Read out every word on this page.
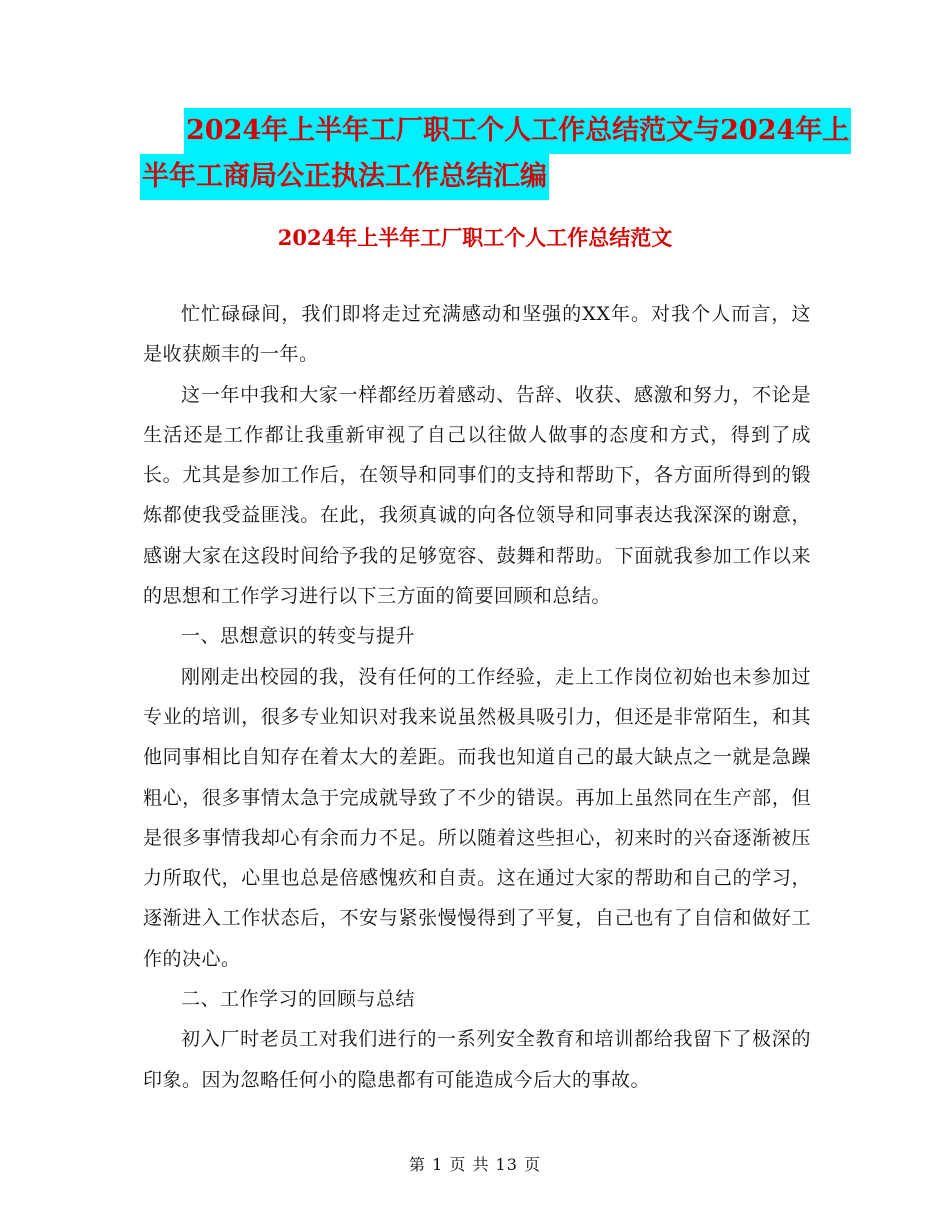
2024年上半年工厂职工个人工作总结范文与2024年上
半年工商局公正执法工作总结汇编
2024年上半年工厂职工个人工作总结范文

忙忙碌碌间，我们即将走过充满感动和坚强的XX年。对我个人而言，这是收获颇丰的一年。

这一年中我和大家一样都经历着感动、告辞、收获、感激和努力，不论是生活还是工作都让我重新审视了自己以往做人做事的态度和方式，得到了成长。尤其是参加工作后，在领导和同事们的支持和帮助下，各方面所得到的锻炼都使我受益匪浅。在此，我须真诚的向各位领导和同事表达我深深的谢意，感谢大家在这段时间给予我的足够宽容、鼓舞和帮助。下面就我参加工作以来的思想和工作学习进行以下三方面的简要回顾和总结。

一、思想意识的转变与提升

刚刚走出校园的我，没有任何的工作经验，走上工作岗位初始也未参加过专业的培训，很多专业知识对我来说虽然极具吸引力，但还是非常陌生，和其他同事相比自知存在着太大的差距。而我也知道自己的最大缺点之一就是急躁粗心，很多事情太急于完成就导致了不少的错误。再加上虽然同在生产部，但是很多事情我却心有余而力不足。所以随着这些担心，初来时的兴奋逐渐被压力所取代，心里也总是倍感愧疚和自责。这在通过大家的帮助和自己的学习，逐渐进入工作状态后，不安与紧张慢慢得到了平复，自己也有了自信和做好工作的决心。

二、工作学习的回顾与总结

初入厂时老员工对我们进行的一系列安全教育和培训都给我留下了极深的印象。因为忽略任何小的隐患都有可能造成今后大的事故。

第 1 页 共 13 页
